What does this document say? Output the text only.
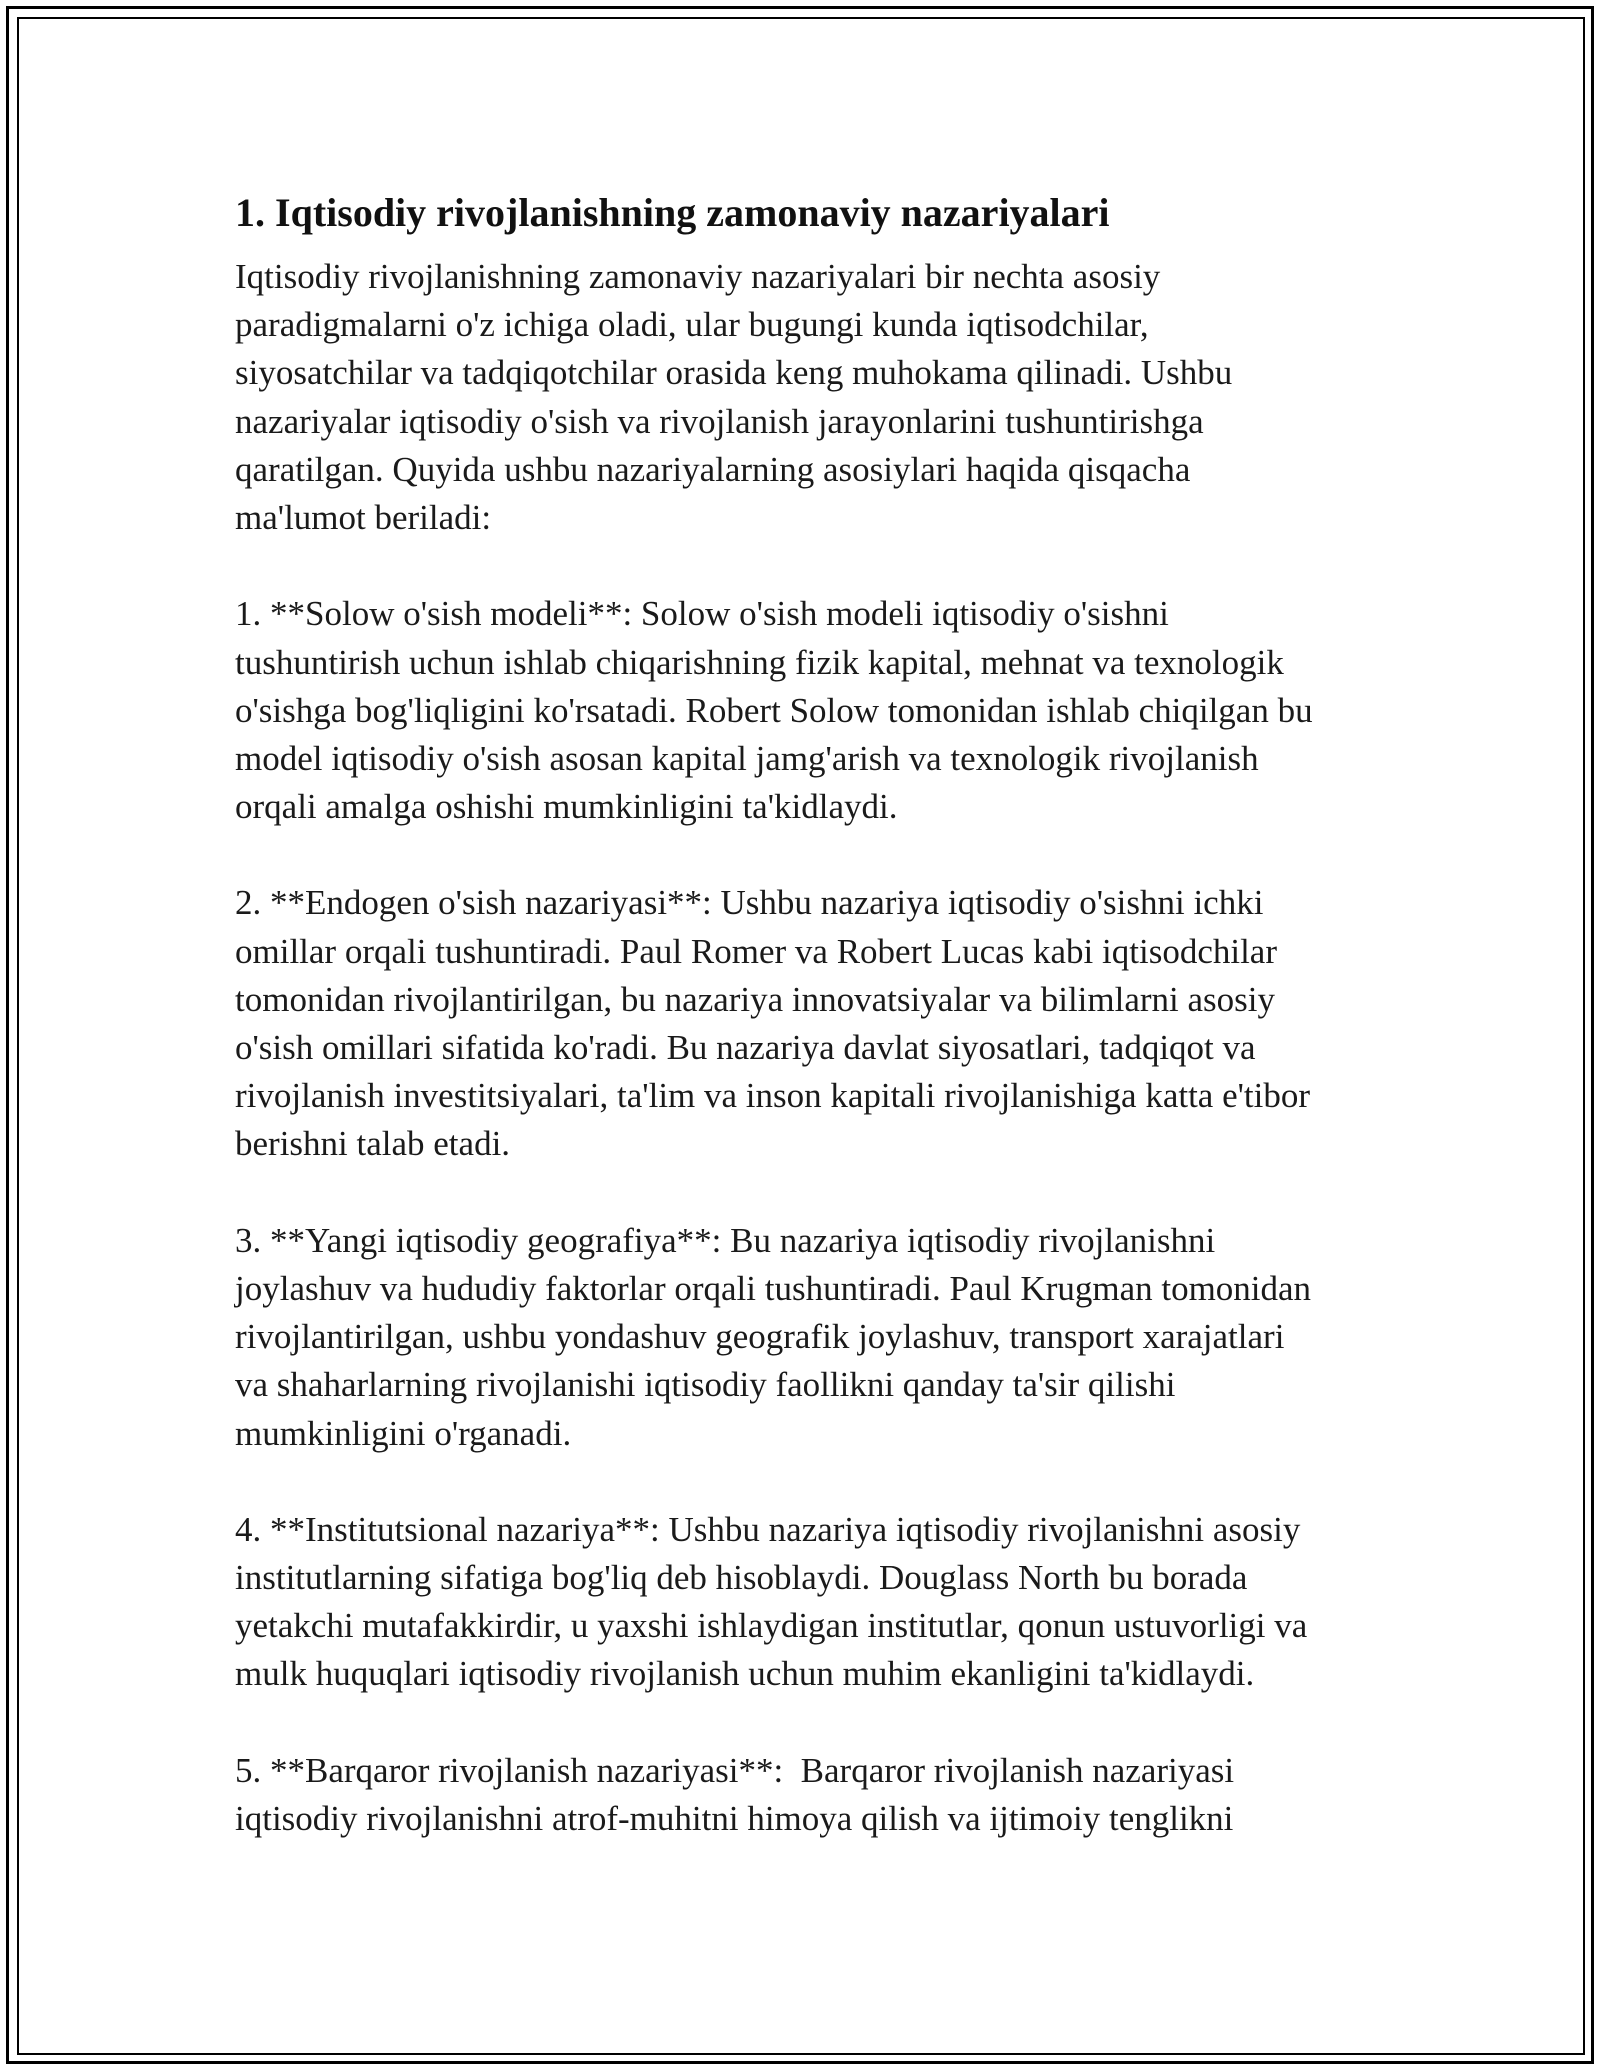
1. Iqtisodiy rivojlanishning zamonaviy nazariyalari
Iqtisodiy rivojlanishning zamonaviy nazariyalari bir nechta asosiy
paradigmalarni o'z ichiga oladi, ular bugungi kunda iqtisodchilar,
siyosatchilar va tadqiqotchilar orasida keng muhokama qilinadi. Ushbu
nazariyalar iqtisodiy o'sish va rivojlanish jarayonlarini tushuntirishga
qaratilgan. Quyida ushbu nazariyalarning asosiylari haqida qisqacha
ma'lumot beriladi:
1. **Solow o'sish modeli**: Solow o'sish modeli iqtisodiy o'sishni
tushuntirish uchun ishlab chiqarishning fizik kapital, mehnat va texnologik
o'sishga bog'liqligini ko'rsatadi. Robert Solow tomonidan ishlab chiqilgan bu
model iqtisodiy o'sish asosan kapital jamg'arish va texnologik rivojlanish
orqali amalga oshishi mumkinligini ta'kidlaydi.
2. **Endogen o'sish nazariyasi**: Ushbu nazariya iqtisodiy o'sishni ichki
omillar orqali tushuntiradi. Paul Romer va Robert Lucas kabi iqtisodchilar
tomonidan rivojlantirilgan, bu nazariya innovatsiyalar va bilimlarni asosiy
o'sish omillari sifatida ko'radi. Bu nazariya davlat siyosatlari, tadqiqot va
rivojlanish investitsiyalari, ta'lim va inson kapitali rivojlanishiga katta e'tibor
berishni talab etadi.
3. **Yangi iqtisodiy geografiya**: Bu nazariya iqtisodiy rivojlanishni
joylashuv va hududiy faktorlar orqali tushuntiradi. Paul Krugman tomonidan
rivojlantirilgan, ushbu yondashuv geografik joylashuv, transport xarajatlari
va shaharlarning rivojlanishi iqtisodiy faollikni qanday ta'sir qilishi
mumkinligini o'rganadi.
4. **Institutsional nazariya**: Ushbu nazariya iqtisodiy rivojlanishni asosiy
institutlarning sifatiga bog'liq deb hisoblaydi. Douglass North bu borada
yetakchi mutafakkirdir, u yaxshi ishlaydigan institutlar, qonun ustuvorligi va
mulk huquqlari iqtisodiy rivojlanish uchun muhim ekanligini ta'kidlaydi.
5. **Barqaror rivojlanish nazariyasi**:  Barqaror rivojlanish nazariyasi
iqtisodiy rivojlanishni atrof-muhitni himoya qilish va ijtimoiy tenglikni
